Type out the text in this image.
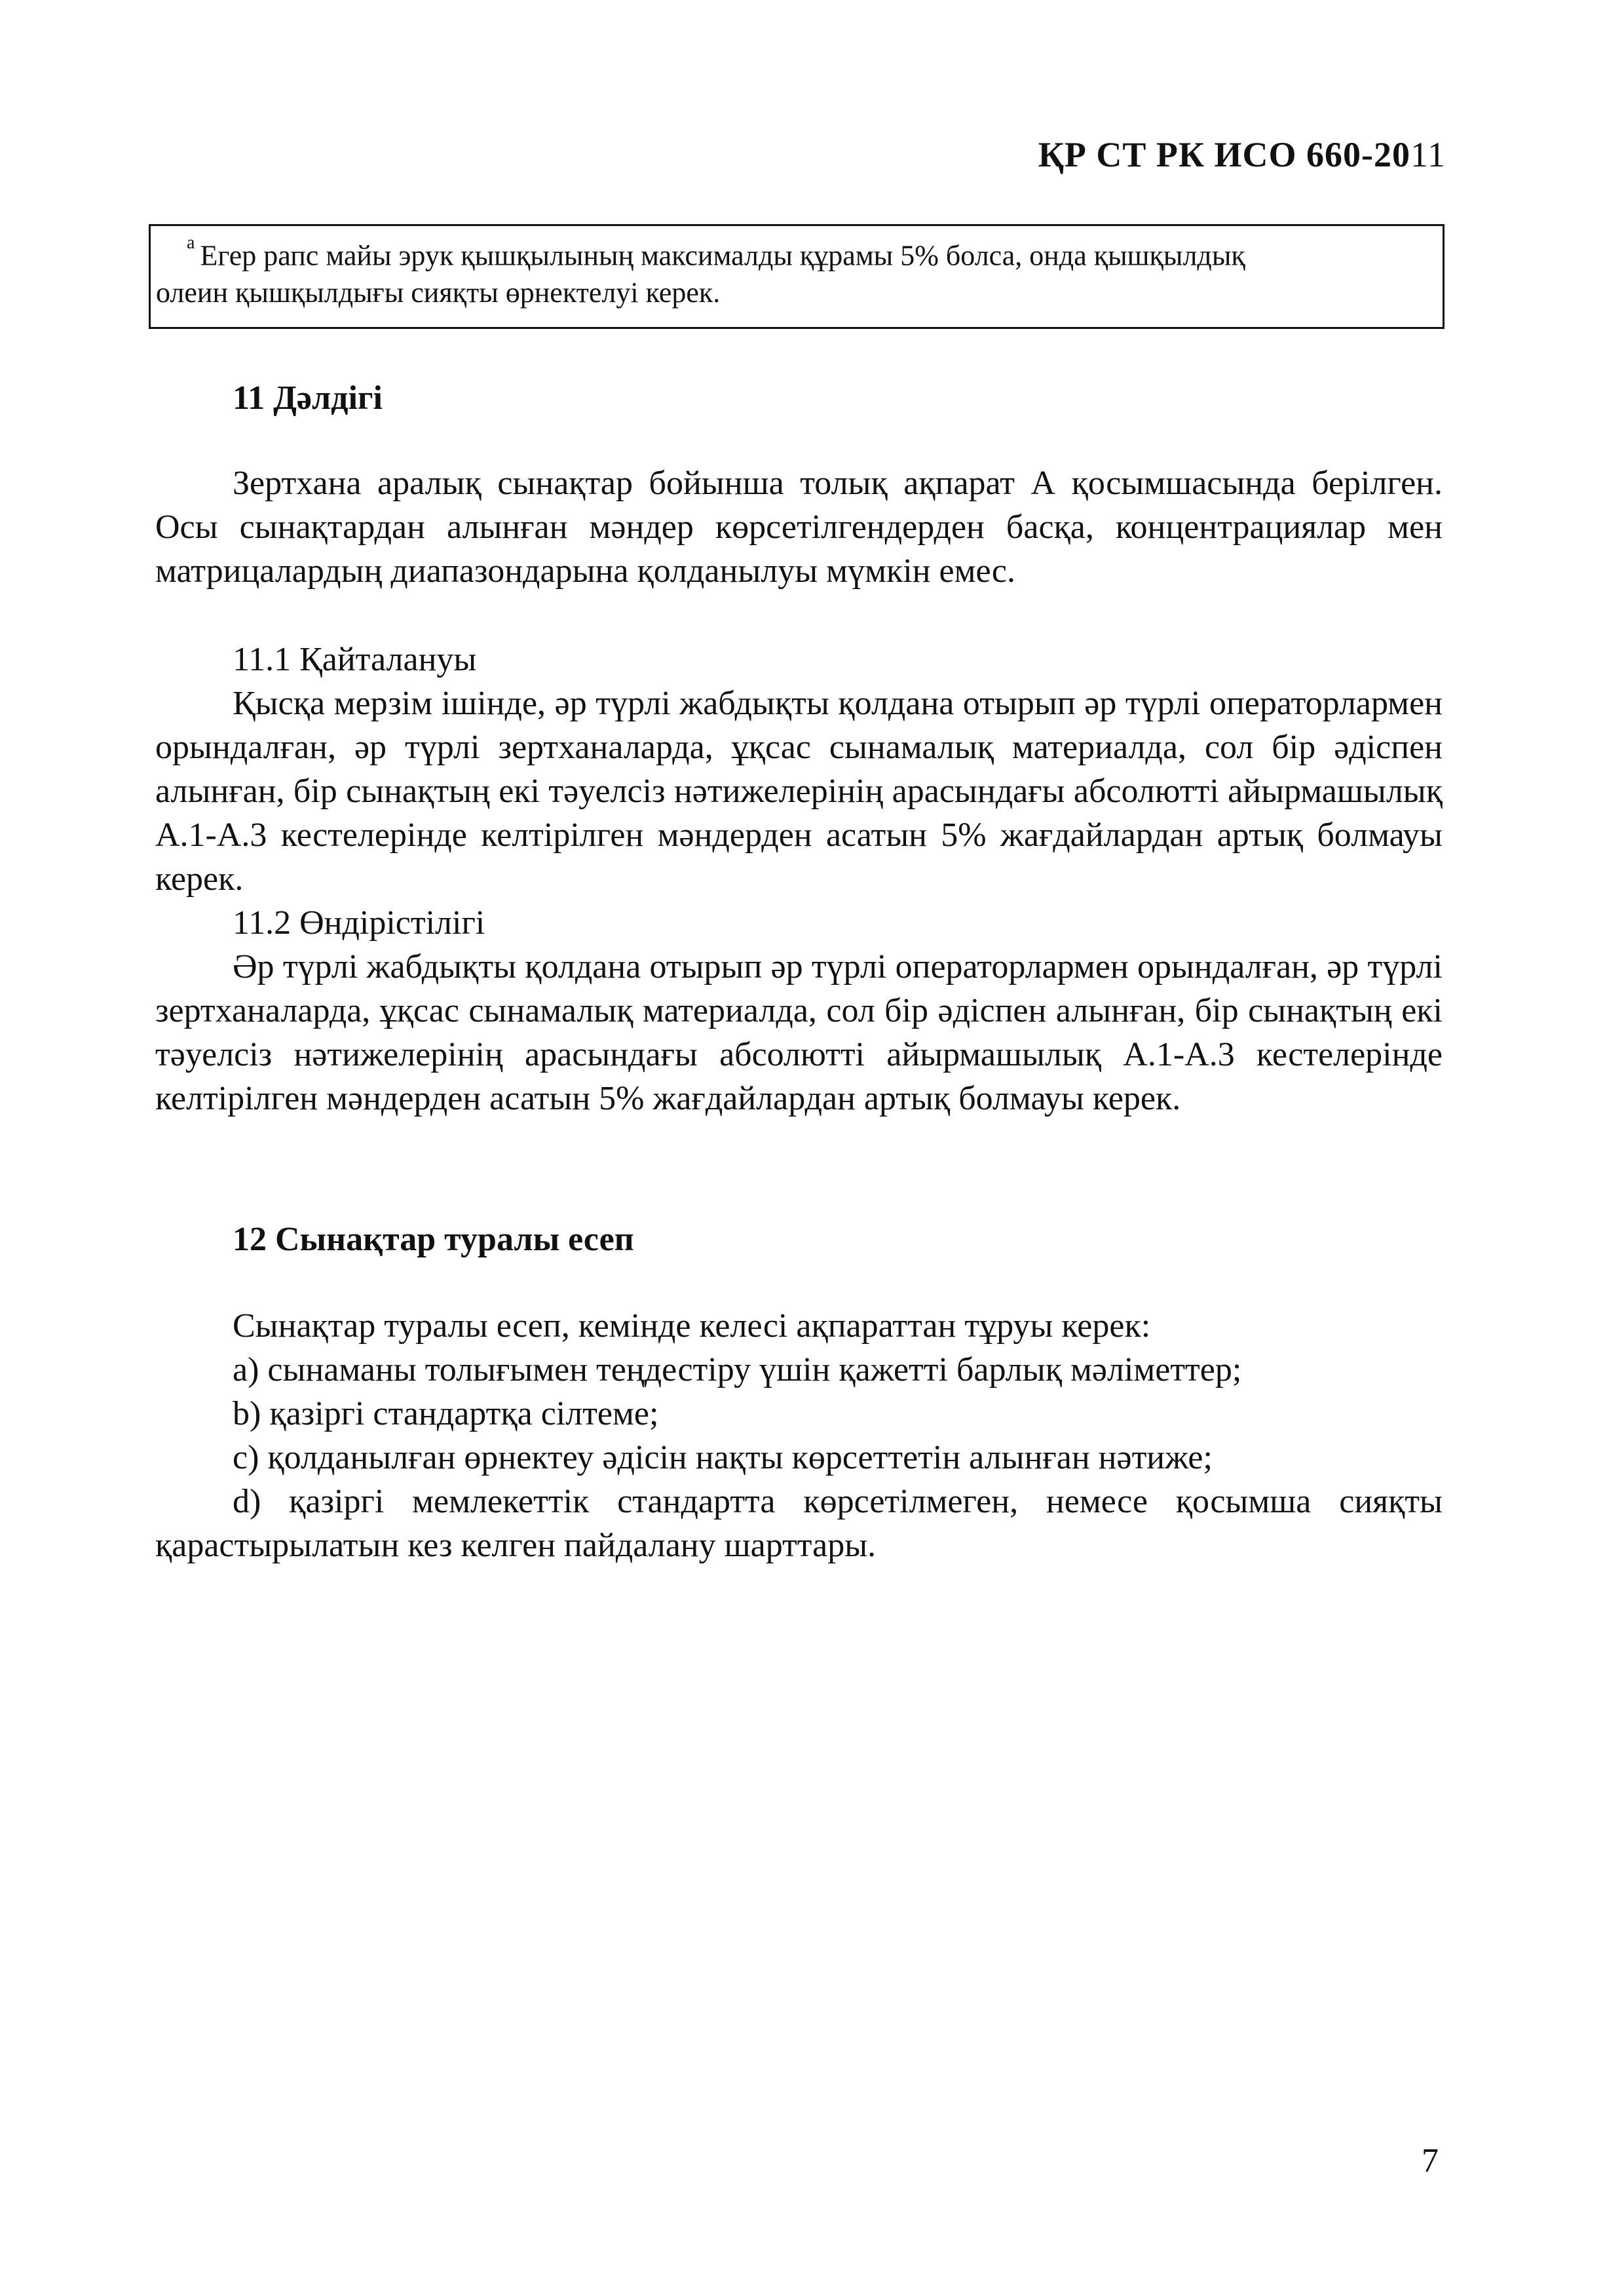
ҚР СТ РК ИСО 660-2011
$^а$ Егер рапс майы эрук қышқылының максималды құрамы 5% болса, онда қышқылдық
олеин қышқылдығы сияқты өрнектелуі керек.
11 Дәлдігі
Зертхана аралық сынақтар бойынша толық ақпарат А қосымшасында берілген. Осы сынақтардан алынған мәндер көрсетілгендерден басқа, концентрациялар мен матрицалардың диапазондарына қолданылуы мүмкін емес.
11.1 Қайталануы
Қысқа мерзім ішінде, әр түрлі жабдықты қолдана отырып әр түрлі операторлармен орындалған, әр түрлі зертханаларда, ұқсас сынамалық материалда, сол бір әдіспен алынған, бір сынақтың екі тәуелсіз нәтижелерінің арасындағы абсолютті айырмашылық А.1-А.3 кестелерінде келтірілген мәндерден асатын 5% жағдайлардан артық болмауы керек.
11.2 Өндірістілігі
Әр түрлі жабдықты қолдана отырып әр түрлі операторлармен орындалған, әр түрлі зертханаларда, ұқсас сынамалық материалда, сол бір әдіспен алынған, бір сынақтың екі тәуелсіз нәтижелерінің арасындағы абсолютті айырмашылық А.1-А.3 кестелерінде келтірілген мәндерден асатын 5% жағдайлардан артық болмауы керек.
12 Сынақтар туралы есеп
Сынақтар туралы есеп, кемінде келесі ақпараттан тұруы керек:
а) сынаманы толығымен теңдестіру үшін қажетті барлық мәліметтер;
b) қазіргі стандартқа сілтеме;
c) қолданылған өрнектеу әдісін нақты көрсеттетін алынған нәтиже;
d) қазіргі мемлекеттік стандартта көрсетілмеген, немесе қосымша сияқты қарастырылатын кез келген пайдалану шарттары.
7
